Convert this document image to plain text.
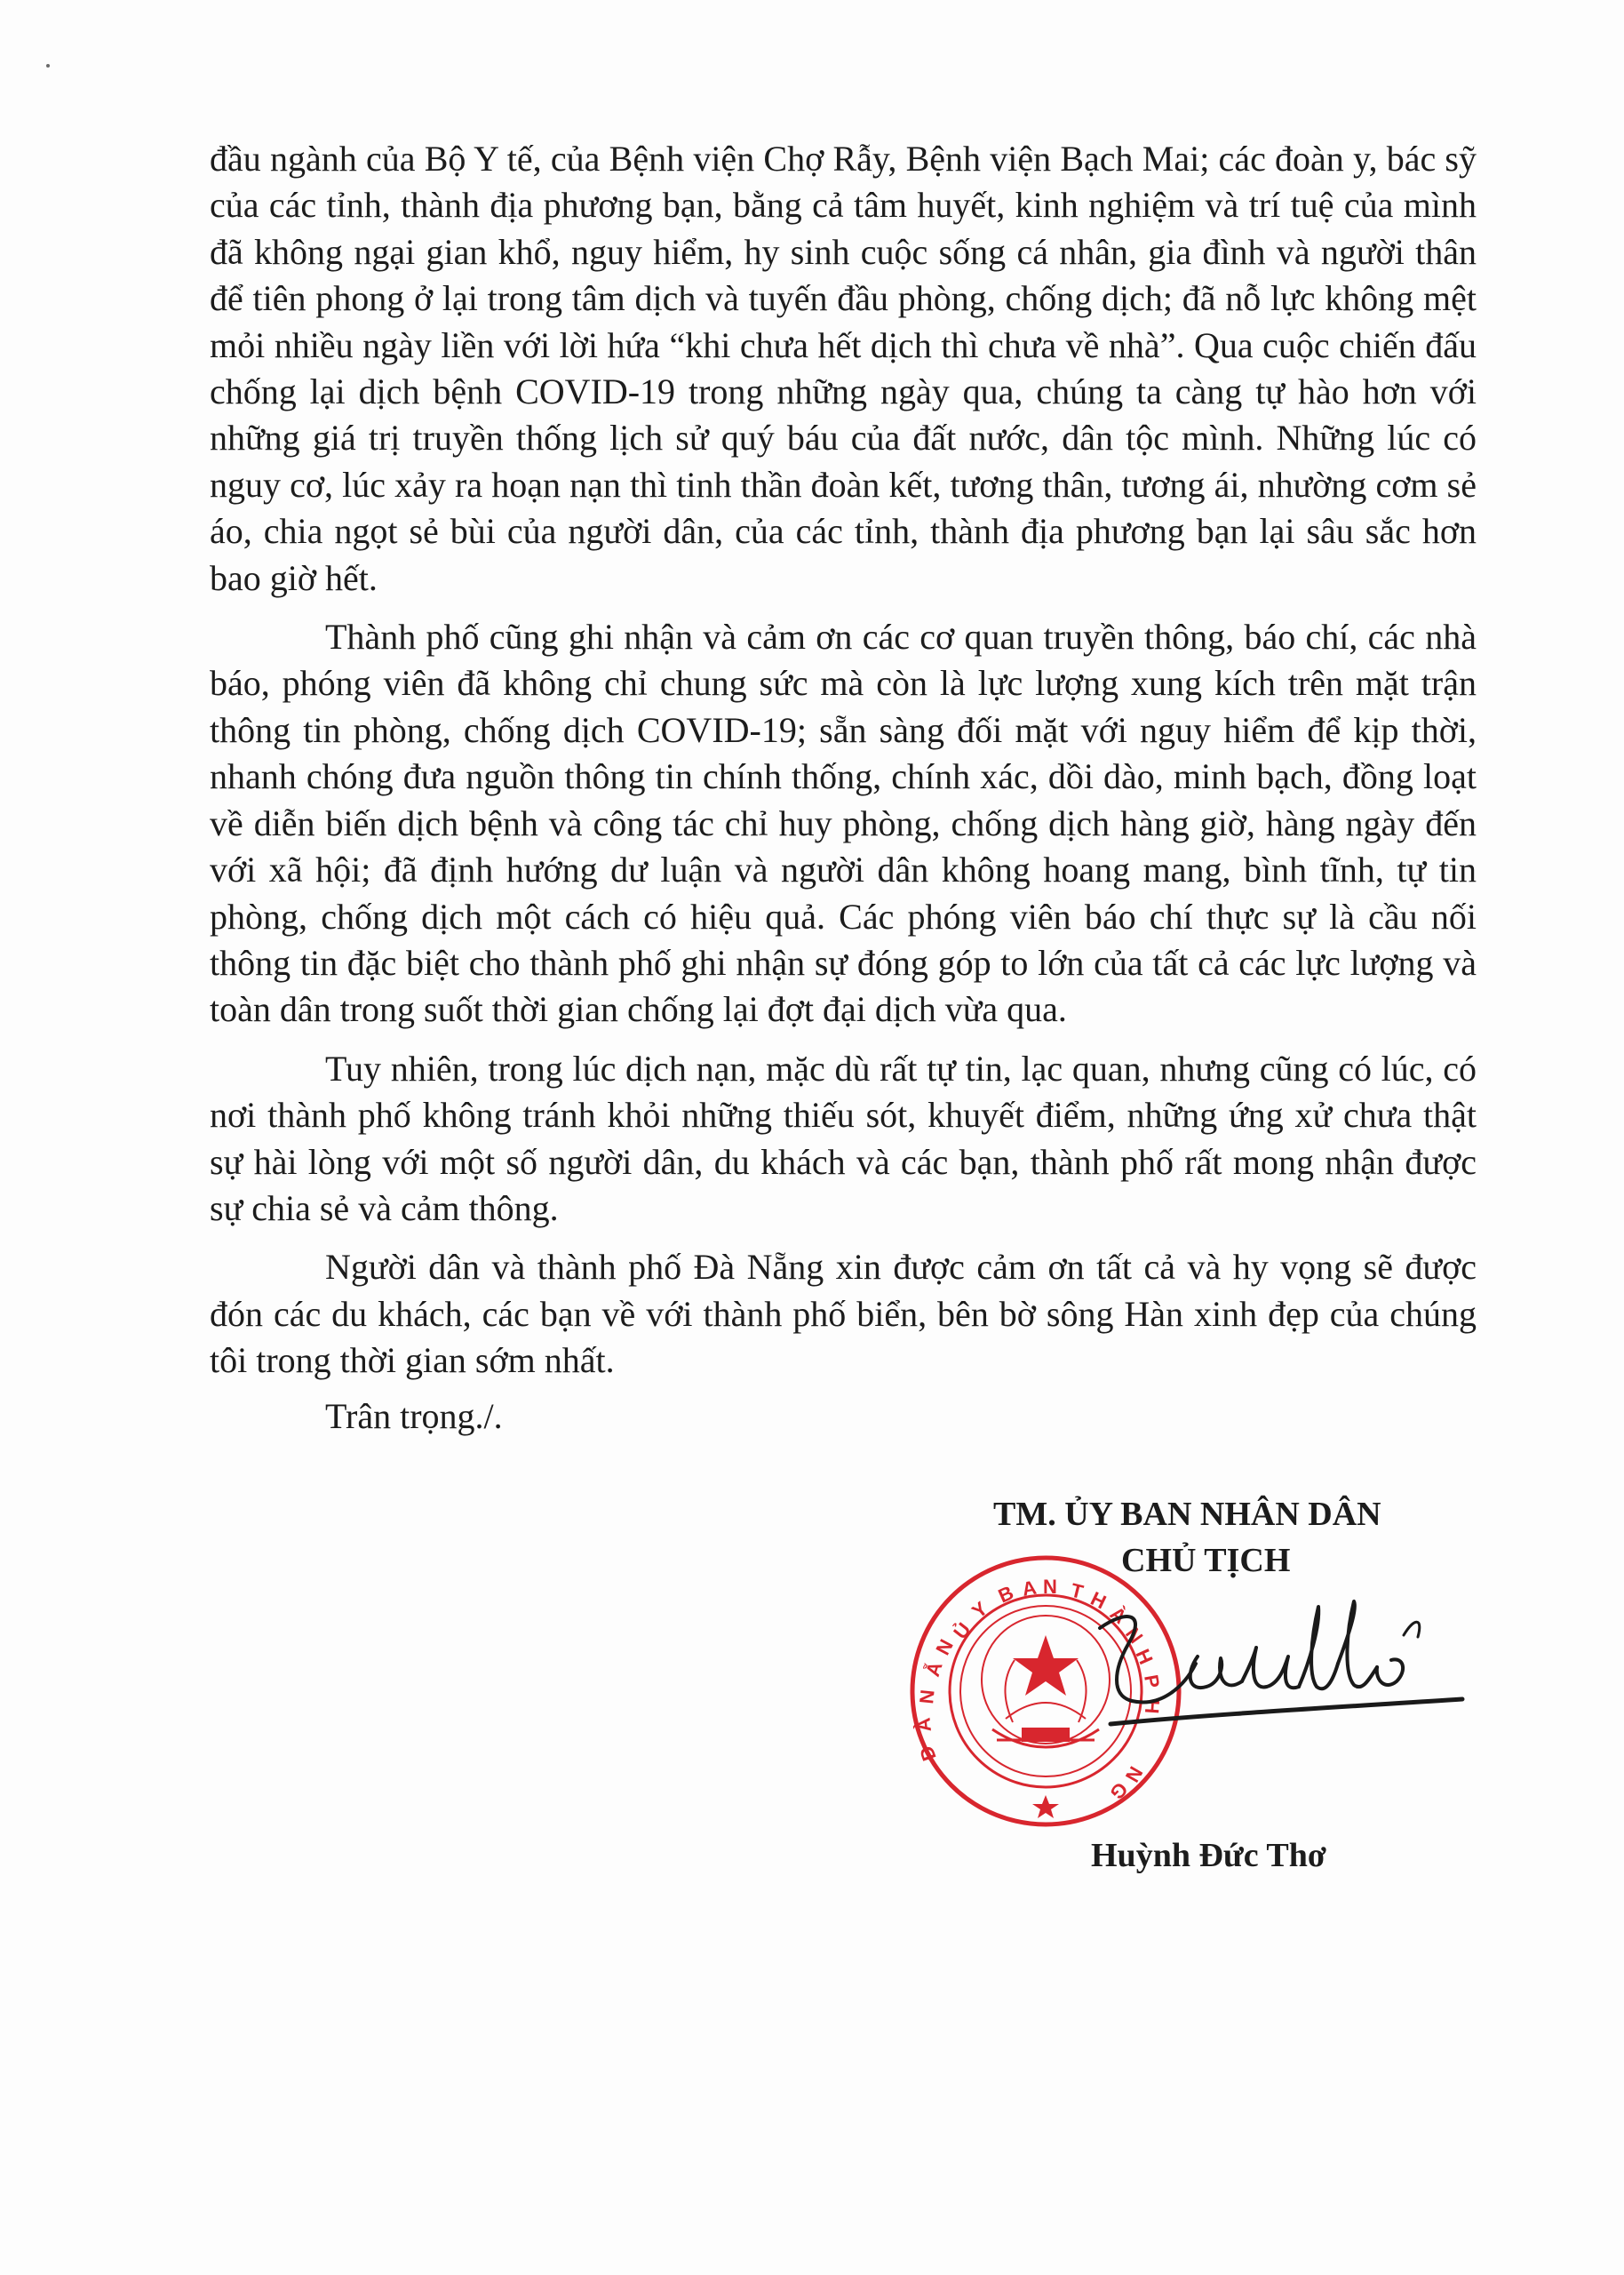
đầu ngành của Bộ Y tế, của Bệnh viện Chợ Rẫy, Bệnh viện Bạch Mai; các đoàn y, bác sỹ của các tỉnh, thành địa phương bạn, bằng cả tâm huyết, kinh nghiệm và trí tuệ của mình đã không ngại gian khổ, nguy hiểm, hy sinh cuộc sống cá nhân, gia đình và người thân để tiên phong ở lại trong tâm dịch và tuyến đầu phòng, chống dịch; đã nỗ lực không mệt mỏi nhiều ngày liền với lời hứa “khi chưa hết dịch thì chưa về nhà”. Qua cuộc chiến đấu chống lại dịch bệnh COVID-19 trong những ngày qua, chúng ta càng tự hào hơn với những giá trị truyền thống lịch sử quý báu của đất nước, dân tộc mình. Những lúc có nguy cơ, lúc xảy ra hoạn nạn thì tinh thần đoàn kết, tương thân, tương ái, nhường cơm sẻ áo, chia ngọt sẻ bùi của người dân, của các tỉnh, thành địa phương bạn lại sâu sắc hơn bao giờ hết.

Thành phố cũng ghi nhận và cảm ơn các cơ quan truyền thông, báo chí, các nhà báo, phóng viên đã không chỉ chung sức mà còn là lực lượng xung kích trên mặt trận thông tin phòng, chống dịch COVID-19; sẵn sàng đối mặt với nguy hiểm để kịp thời, nhanh chóng đưa nguồn thông tin chính thống, chính xác, dồi dào, minh bạch, đồng loạt về diễn biến dịch bệnh và công tác chỉ huy phòng, chống dịch hàng giờ, hàng ngày đến với xã hội; đã định hướng dư luận và người dân không hoang mang, bình tĩnh, tự tin phòng, chống dịch một cách có hiệu quả. Các phóng viên báo chí thực sự là cầu nối thông tin đặc biệt cho thành phố ghi nhận sự đóng góp to lớn của tất cả các lực lượng và toàn dân trong suốt thời gian chống lại đợt đại dịch vừa qua.

Tuy nhiên, trong lúc dịch nạn, mặc dù rất tự tin, lạc quan, nhưng cũng có lúc, có nơi thành phố không tránh khỏi những thiếu sót, khuyết điểm, những ứng xử chưa thật sự hài lòng với một số người dân, du khách và các bạn, thành phố rất mong nhận được sự chia sẻ và cảm thông.

Người dân và thành phố Đà Nẵng xin được cảm ơn tất cả và hy vọng sẽ được đón các du khách, các bạn về với thành phố biển, bên bờ sông Hàn xinh đẹp của chúng tôi trong thời gian sớm nhất.

Trân trọng./.
Ủ
Y
B A N T H
À
N
H
P
H
Đ
À
N
Ẵ
N
N
G
TM. ỦY BAN NHÂN DÂN
CHỦ TỊCH
Huỳnh Đức Thơ
